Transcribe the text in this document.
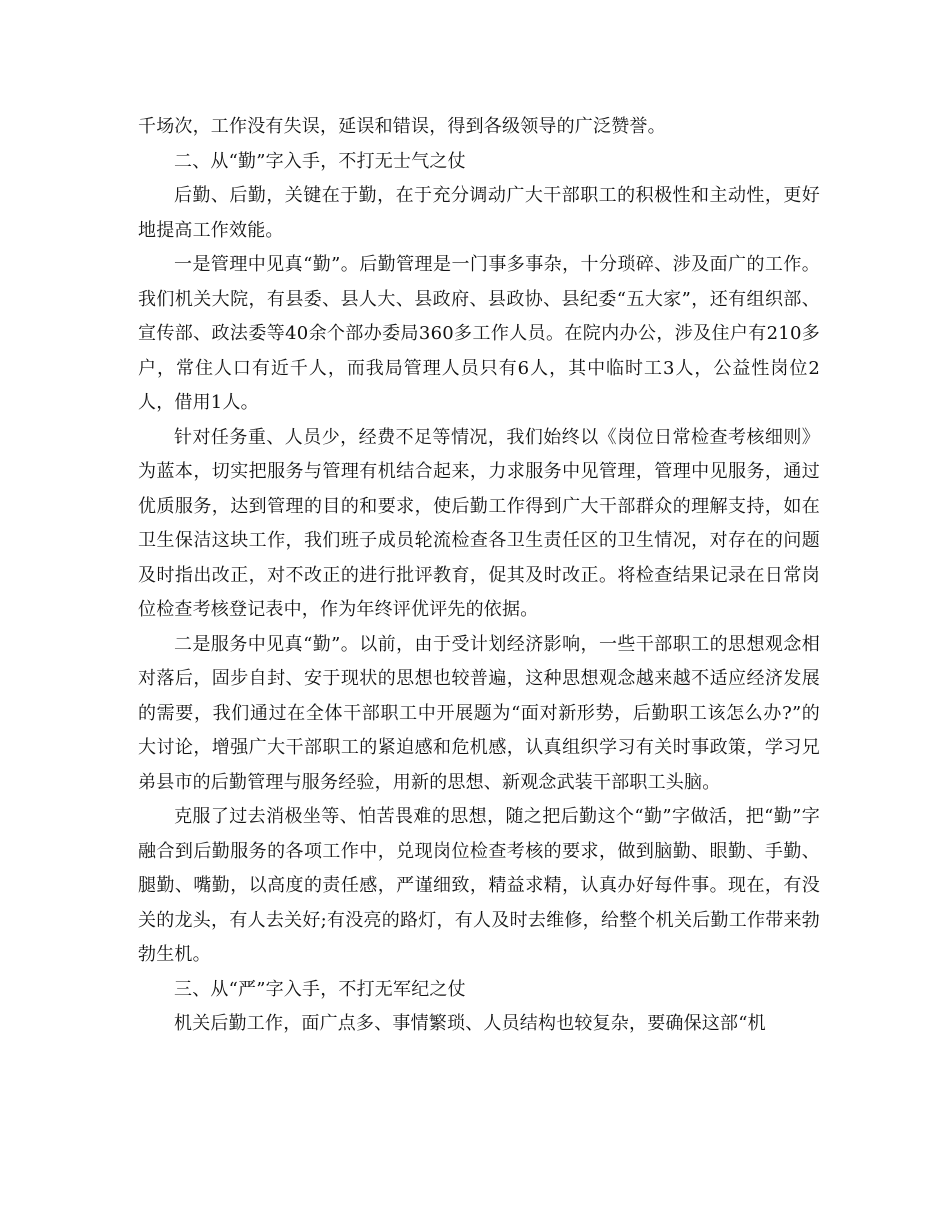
千场次，工作没有失误，延误和错误，得到各级领导的广泛赞誉。

二、从“勤”字入手，不打无士气之仗

后勤、后勤，关键在于勤，在于充分调动广大干部职工的积极性和主动性，更好地提高工作效能。

一是管理中见真“勤”。后勤管理是一门事多事杂，十分琐碎、涉及面广的工作。我们机关大院，有县委、县人大、县政府、县政协、县纪委“五大家”，还有组织部、宣传部、政法委等40余个部办委局360多工作人员。在院内办公，涉及住户有210多户，常住人口有近千人，而我局管理人员只有6人，其中临时工3人，公益性岗位2人，借用1人。

针对任务重、人员少，经费不足等情况，我们始终以《岗位日常检查考核细则》为蓝本，切实把服务与管理有机结合起来，力求服务中见管理，管理中见服务，通过优质服务，达到管理的目的和要求，使后勤工作得到广大干部群众的理解支持，如在卫生保洁这块工作，我们班子成员轮流检查各卫生责任区的卫生情况，对存在的问题及时指出改正，对不改正的进行批评教育，促其及时改正。将检查结果记录在日常岗位检查考核登记表中，作为年终评优评先的依据。

二是服务中见真“勤”。以前，由于受计划经济影响，一些干部职工的思想观念相对落后，固步自封、安于现状的思想也较普遍，这种思想观念越来越不适应经济发展的需要，我们通过在全体干部职工中开展题为“面对新形势，后勤职工该怎么办?”的大讨论，增强广大干部职工的紧迫感和危机感，认真组织学习有关时事政策，学习兄弟县市的后勤管理与服务经验，用新的思想、新观念武装干部职工头脑。

克服了过去消极坐等、怕苦畏难的思想，随之把后勤这个“勤”字做活，把“勤”字融合到后勤服务的各项工作中，兑现岗位检查考核的要求，做到脑勤、眼勤、手勤、腿勤、嘴勤，以高度的责任感，严谨细致，精益求精，认真办好每件事。现在，有没关的龙头，有人去关好;有没亮的路灯，有人及时去维修，给整个机关后勤工作带来勃勃生机。

三、从“严”字入手，不打无军纪之仗

机关后勤工作，面广点多、事情繁琐、人员结构也较复杂，要确保这部“机
